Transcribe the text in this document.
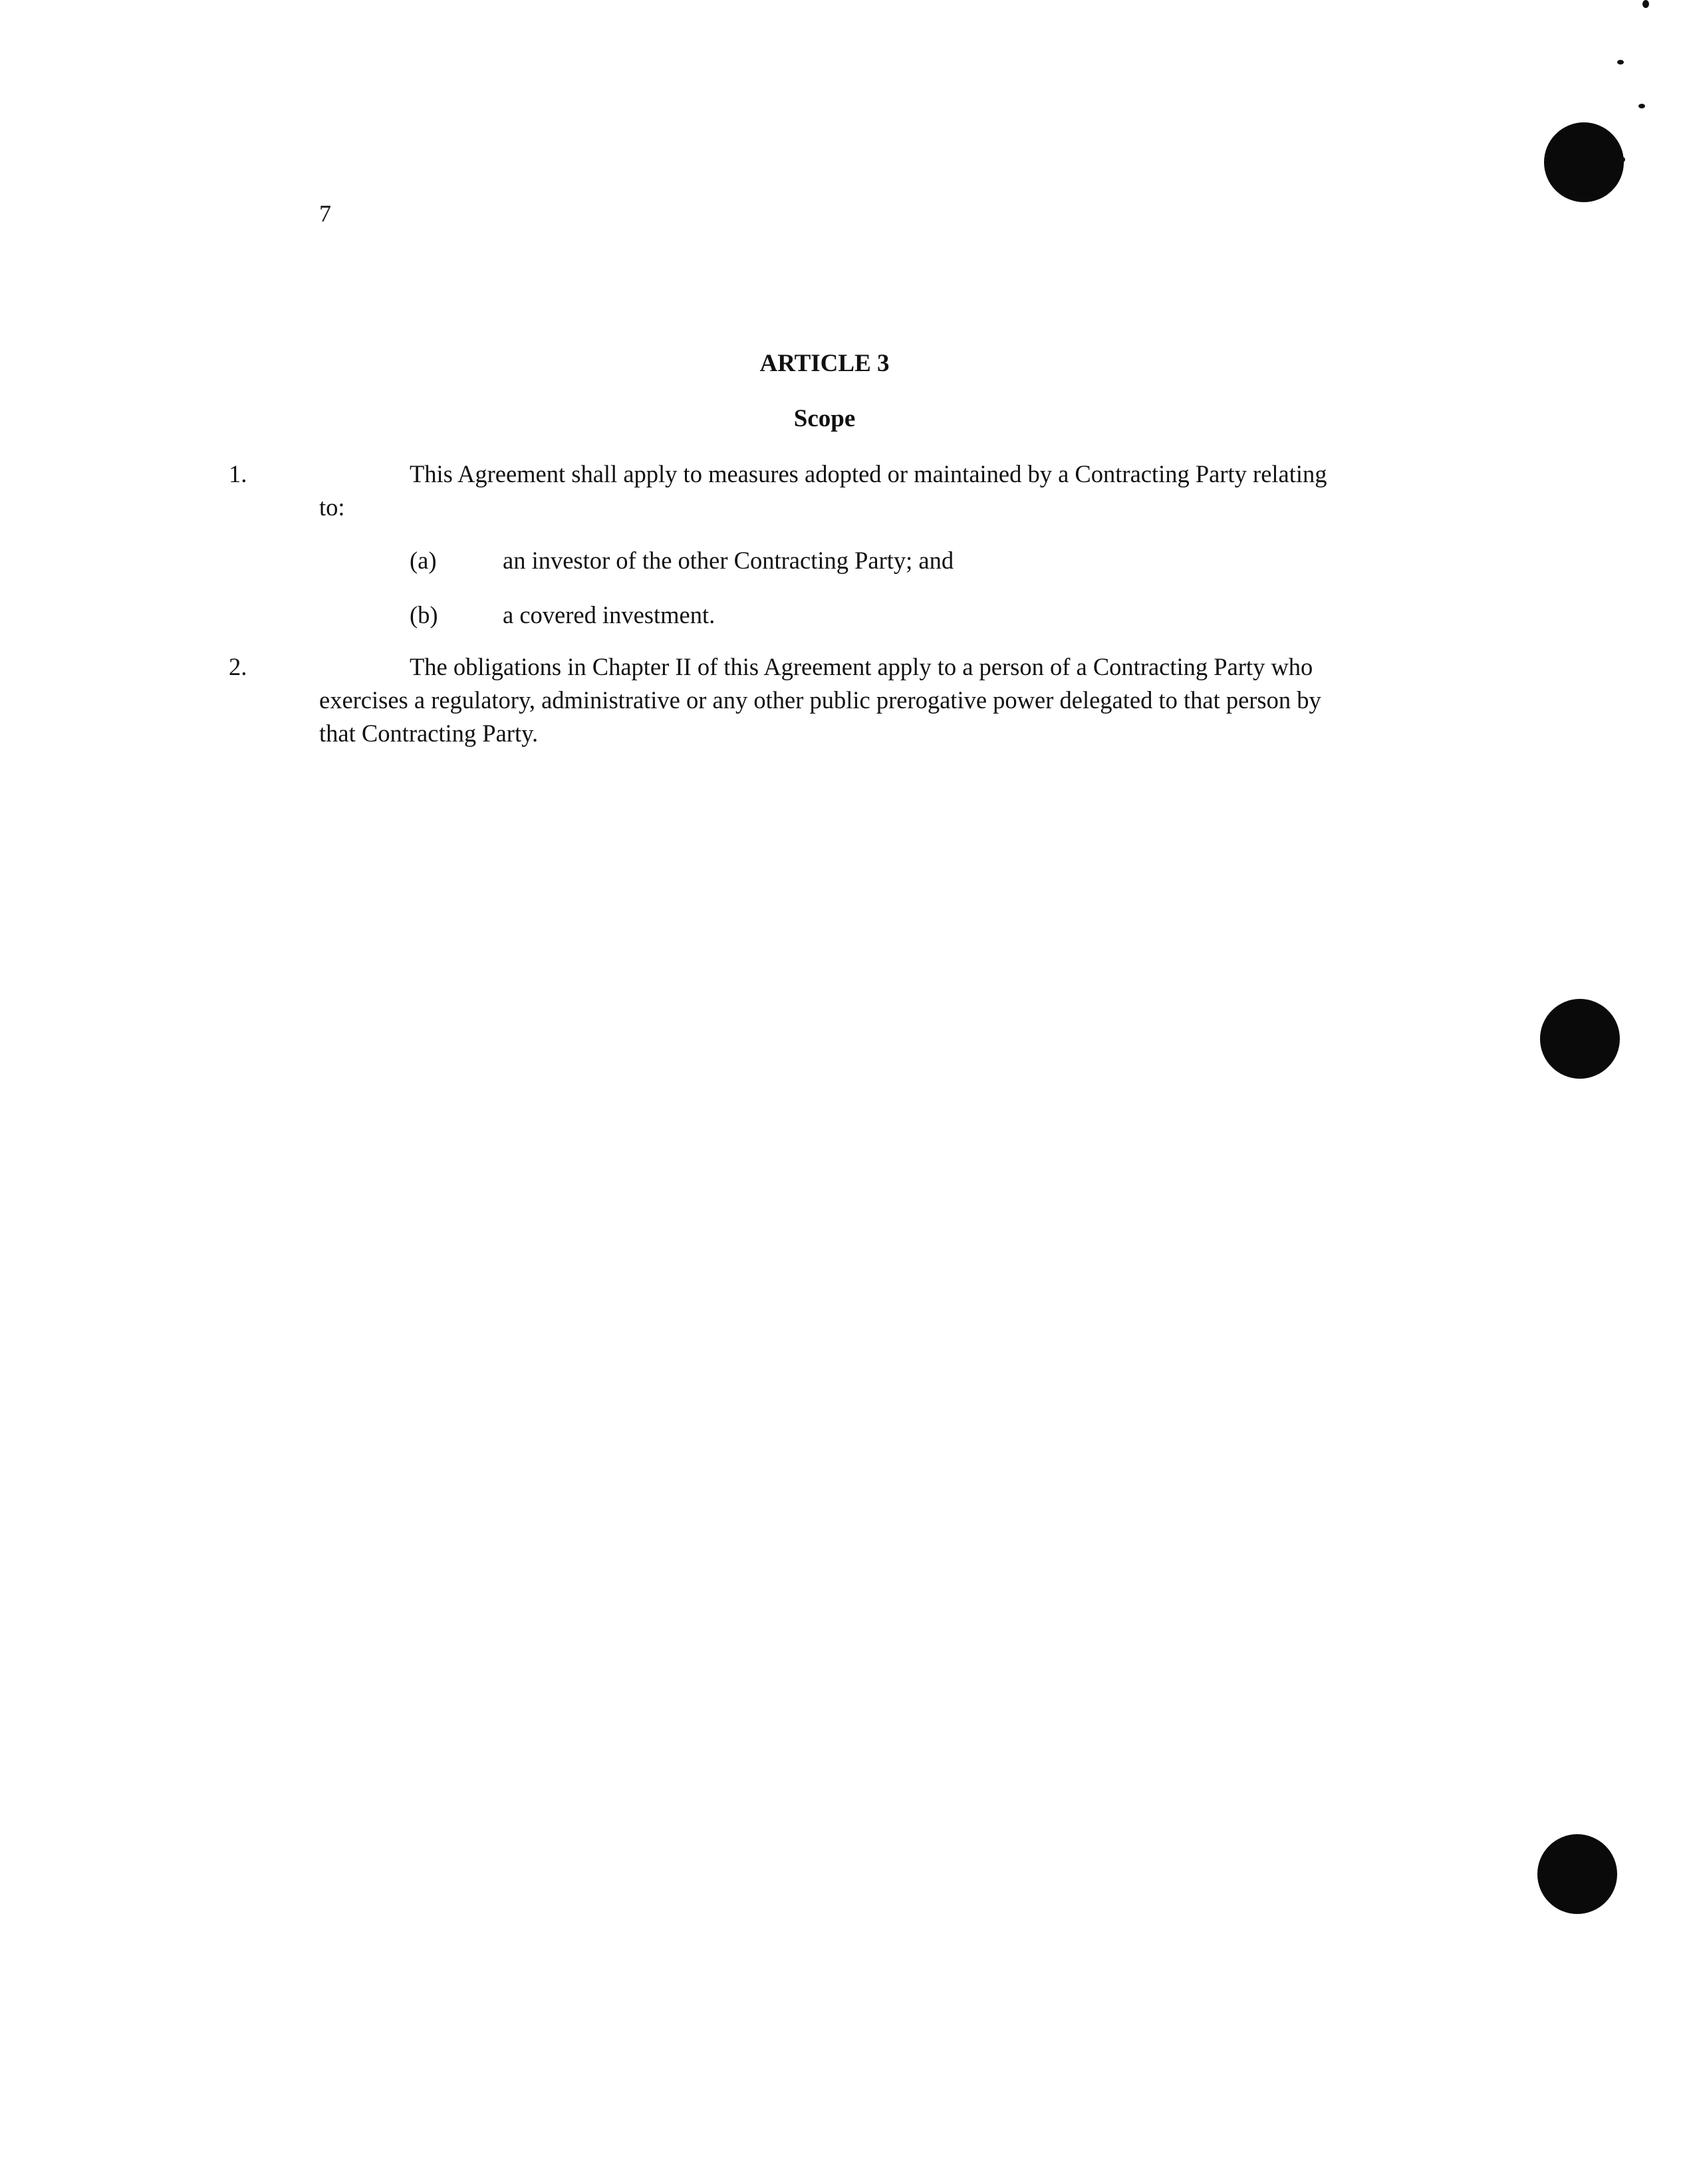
7
ARTICLE 3
Scope
1.	This Agreement shall apply to measures adopted or maintained by a Contracting Party relating to:
(a)	an investor of the other Contracting Party; and
(b)	a covered investment.
2.	The obligations in Chapter II of this Agreement apply to a person of a Contracting Party who exercises a regulatory, administrative or any other public prerogative power delegated to that person by that Contracting Party.
